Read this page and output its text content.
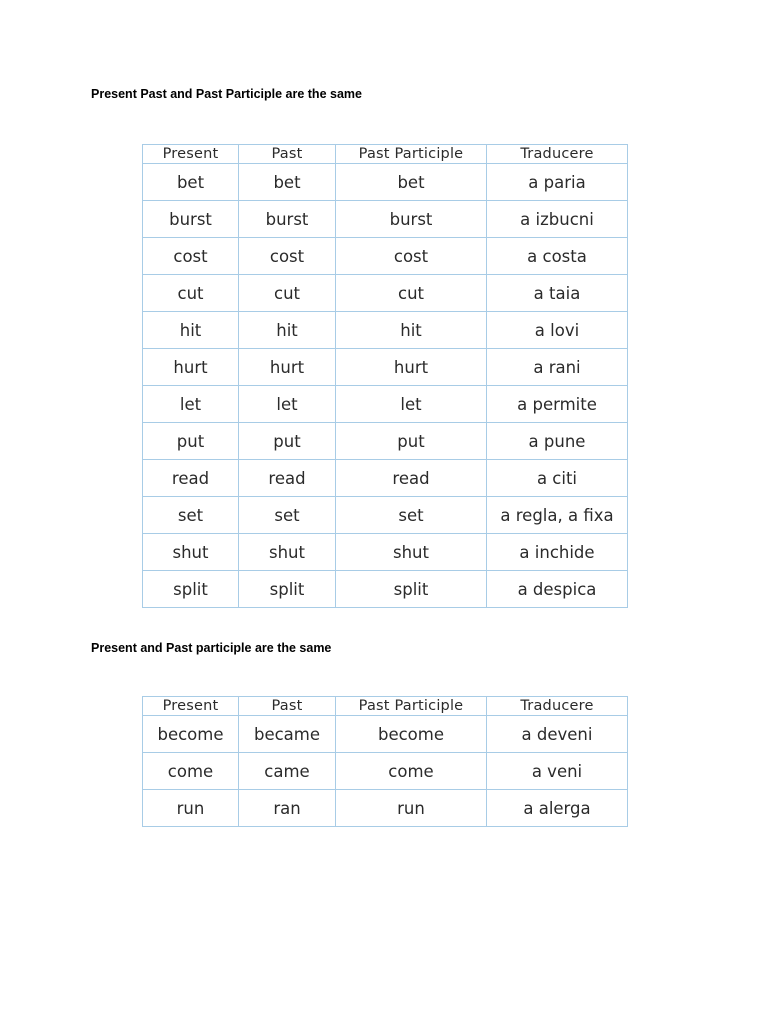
Present Past and Past Participle are the same
Present	Past	Past Participle	Traducere
bet	bet	bet	a paria
burst	burst	burst	a izbucni
cost	cost	cost	a costa
cut	cut	cut	a taia
hit	hit	hit	a lovi
hurt	hurt	hurt	a rani
let	let	let	a permite
put	put	put	a pune
read	read	read	a citi
set	set	set	a regla, a fixa
shut	shut	shut	a inchide
split	split	split	a despica
Present and Past participle are the same
Present	Past	Past Participle	Traducere
become	became	become	a deveni
come	came	come	a veni
run	ran	run	a alerga
